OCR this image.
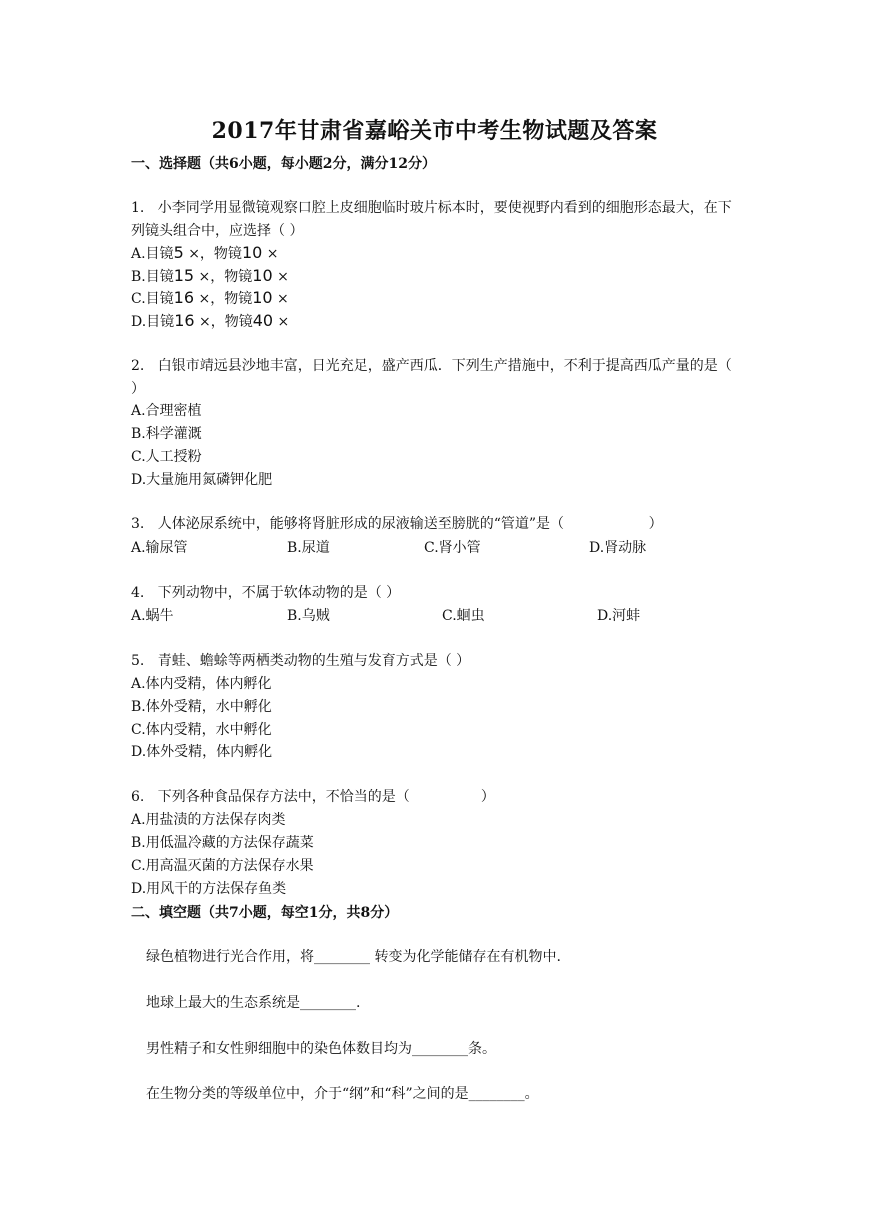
2017年甘肃省嘉峪关市中考生物试题及答案
一、选择题（共6小题，每小题2分，满分12分）
1.   小李同学用显微镜观察口腔上皮细胞临时玻片标本时，要使视野内看到的细胞形态最大，在下列镜头组合中，应选择（ ）
A.目镜5 ×，物镜10 ×
B.目镜15 ×，物镜10 ×
C.目镜16 ×，物镜10 ×
D.目镜16 ×，物镜40 ×
2.   白银市靖远县沙地丰富，日光充足，盛产西瓜．下列生产措施中，不利于提高西瓜产量的是（ ）
A.合理密植
B.科学灌溉
C.人工授粉
D.大量施用氮磷钾化肥
3.   人体泌尿系统中，能够将肾脏形成的尿液输送至膀胱的“管道”是（                   ）
A.输尿管	B.尿道	C.肾小管	D.肾动脉
4.   下列动物中，不属于软体动物的是（ ）
A.蜗牛	B.乌贼	C.蛔虫	D.河蚌
5.   青蛙、蟾蜍等两栖类动物的生殖与发育方式是（ ）
A.体内受精，体内孵化
B.体外受精，水中孵化
C.体内受精，水中孵化
D.体外受精，体内孵化
6.   下列各种食品保存方法中，不恰当的是（                ）
A.用盐渍的方法保存肉类
B.用低温冷藏的方法保存蔬菜
C.用高温灭菌的方法保存水果
D.用风干的方法保存鱼类
二、填空题（共7小题，每空1分，共8分）
绿色植物进行光合作用，将________ 转变为化学能储存在有机物中.
地球上最大的生态系统是________.
男性精子和女性卵细胞中的染色体数目均为________条。
在生物分类的等级单位中，介于“纲”和“科”之间的是________。
